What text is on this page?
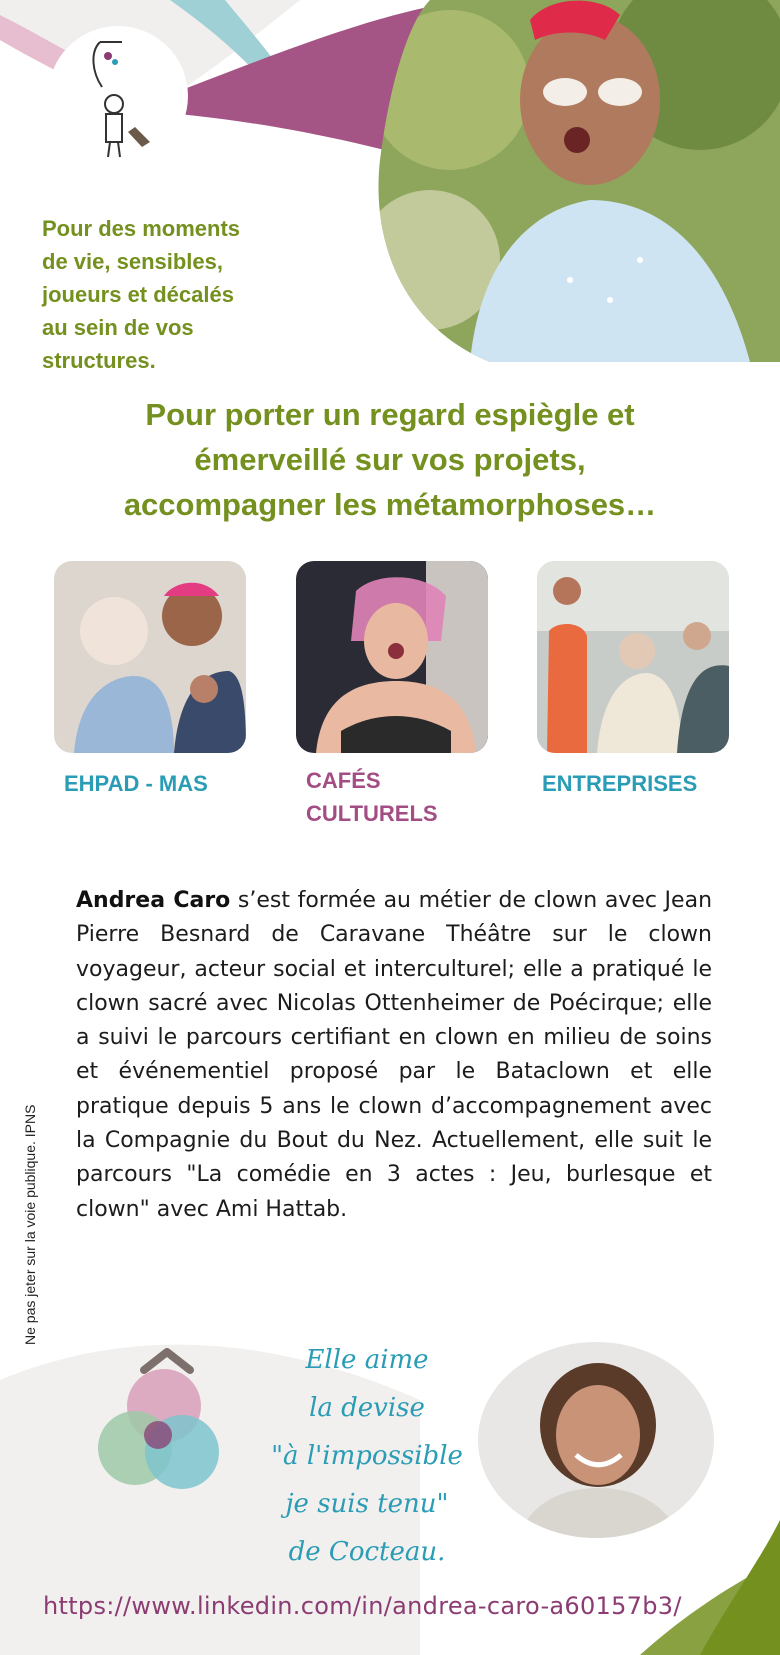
Pour des moments
de vie, sensibles,
joueurs et décalés
au sein de vos
structures.
Pour porter un regard espiègle et
émerveillé sur vos projets,
accompagner les métamorphoses…
EHPAD - MAS	CAFÉS
CULTURELS
ENTREPRISES
Andrea Caro s’est formée au métier de clown avec Jean Pierre Besnard de Caravane Théâtre sur le clown voyageur, acteur social et interculturel; elle a pratiqué le clown sacré avec Nicolas Ottenheimer de Poécirque; elle a suivi le parcours certifiant en clown en milieu de soins et événementiel proposé par le Bataclown et elle pratique depuis 5 ans le clown d’accompagnement avec la Compagnie du Bout du Nez. Actuellement, elle suit le parcours "La comédie en 3 actes : Jeu, burlesque et clown" avec Ami Hattab.
Ne pas jeter sur la voie publique. IPNS
Elle aime
la devise
"à l'impossible
je suis tenu"
de Cocteau.
https://www.linkedin.com/in/andrea-caro-a60157b3/
